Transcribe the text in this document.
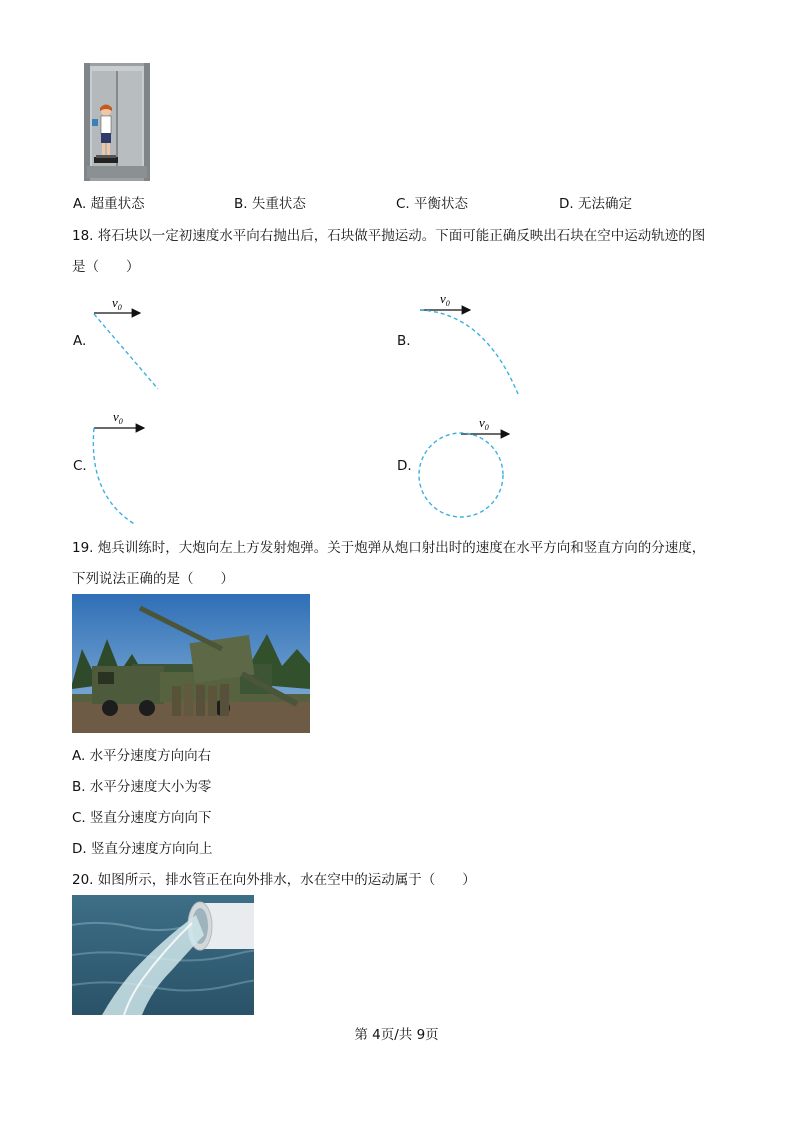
A. 超重状态	B. 失重状态	C. 平衡状态	D. 无法确定
18. 将石块以一定初速度水平向右抛出后，石块做平抛运动。下面可能正确反映出石块在空中运动轨迹的图
是（　　）
A.	B.
C.	D.
$v_0$
$v_0$
$v_0$	$v_0$
19. 炮兵训练时，大炮向左上方发射炮弹。关于炮弹从炮口射出时的速度在水平方向和竖直方向的分速度，
下列说法正确的是（　　）
A. 水平分速度方向向右
B. 水平分速度大小为零
C. 竖直分速度方向向下
D. 竖直分速度方向向上
20. 如图所示，排水管正在向外排水，水在空中的运动属于（　　）
第 4页/共 9页
